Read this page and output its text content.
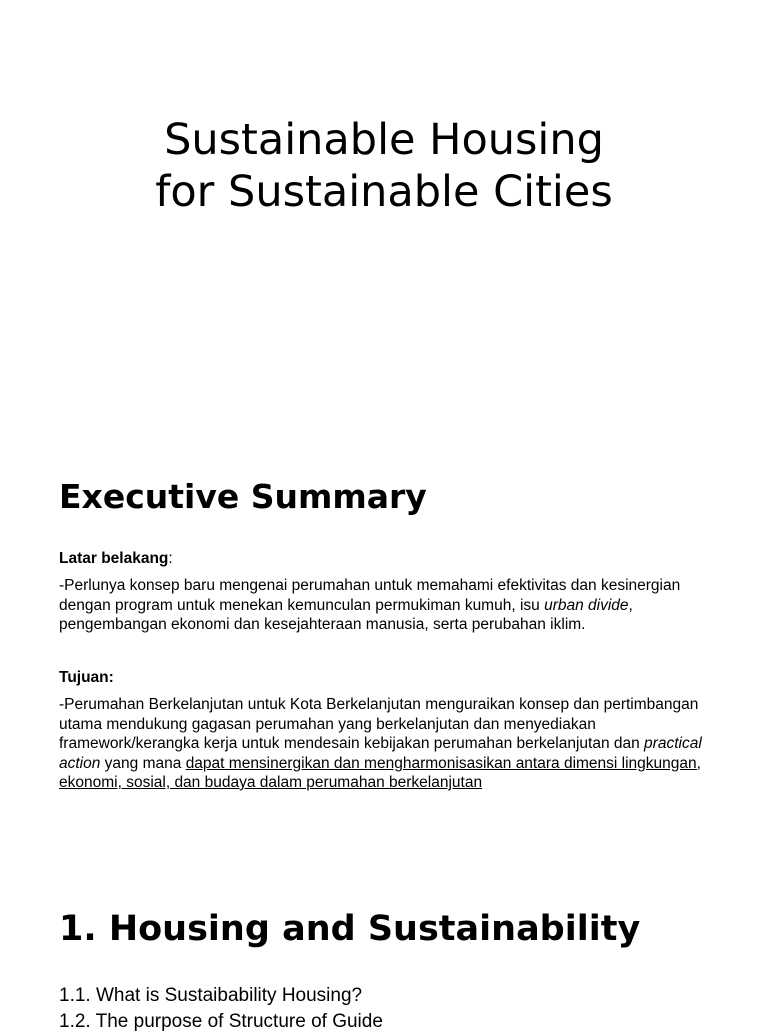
Sustainable Housing
for Sustainable Cities
Executive Summary
Latar belakang:

-Perlunya konsep baru mengenai perumahan untuk memahami efektivitas dan kesinergian dengan program untuk menekan kemunculan permukiman kumuh, isu urban divide, pengembangan ekonomi dan kesejahteraan manusia, serta perubahan iklim.

Tujuan:

-Perumahan Berkelanjutan untuk Kota Berkelanjutan menguraikan konsep dan pertimbangan utama mendukung gagasan perumahan yang berkelanjutan dan menyediakan framework/kerangka kerja untuk mendesain kebijakan perumahan berkelanjutan dan practical action yang mana dapat mensinergikan dan mengharmonisasikan antara dimensi lingkungan, ekonomi, sosial, dan budaya dalam perumahan berkelanjutan

1. Housing and Sustainability
1.1. What is Sustaibability Housing?
1.2. The purpose of Structure of Guide
